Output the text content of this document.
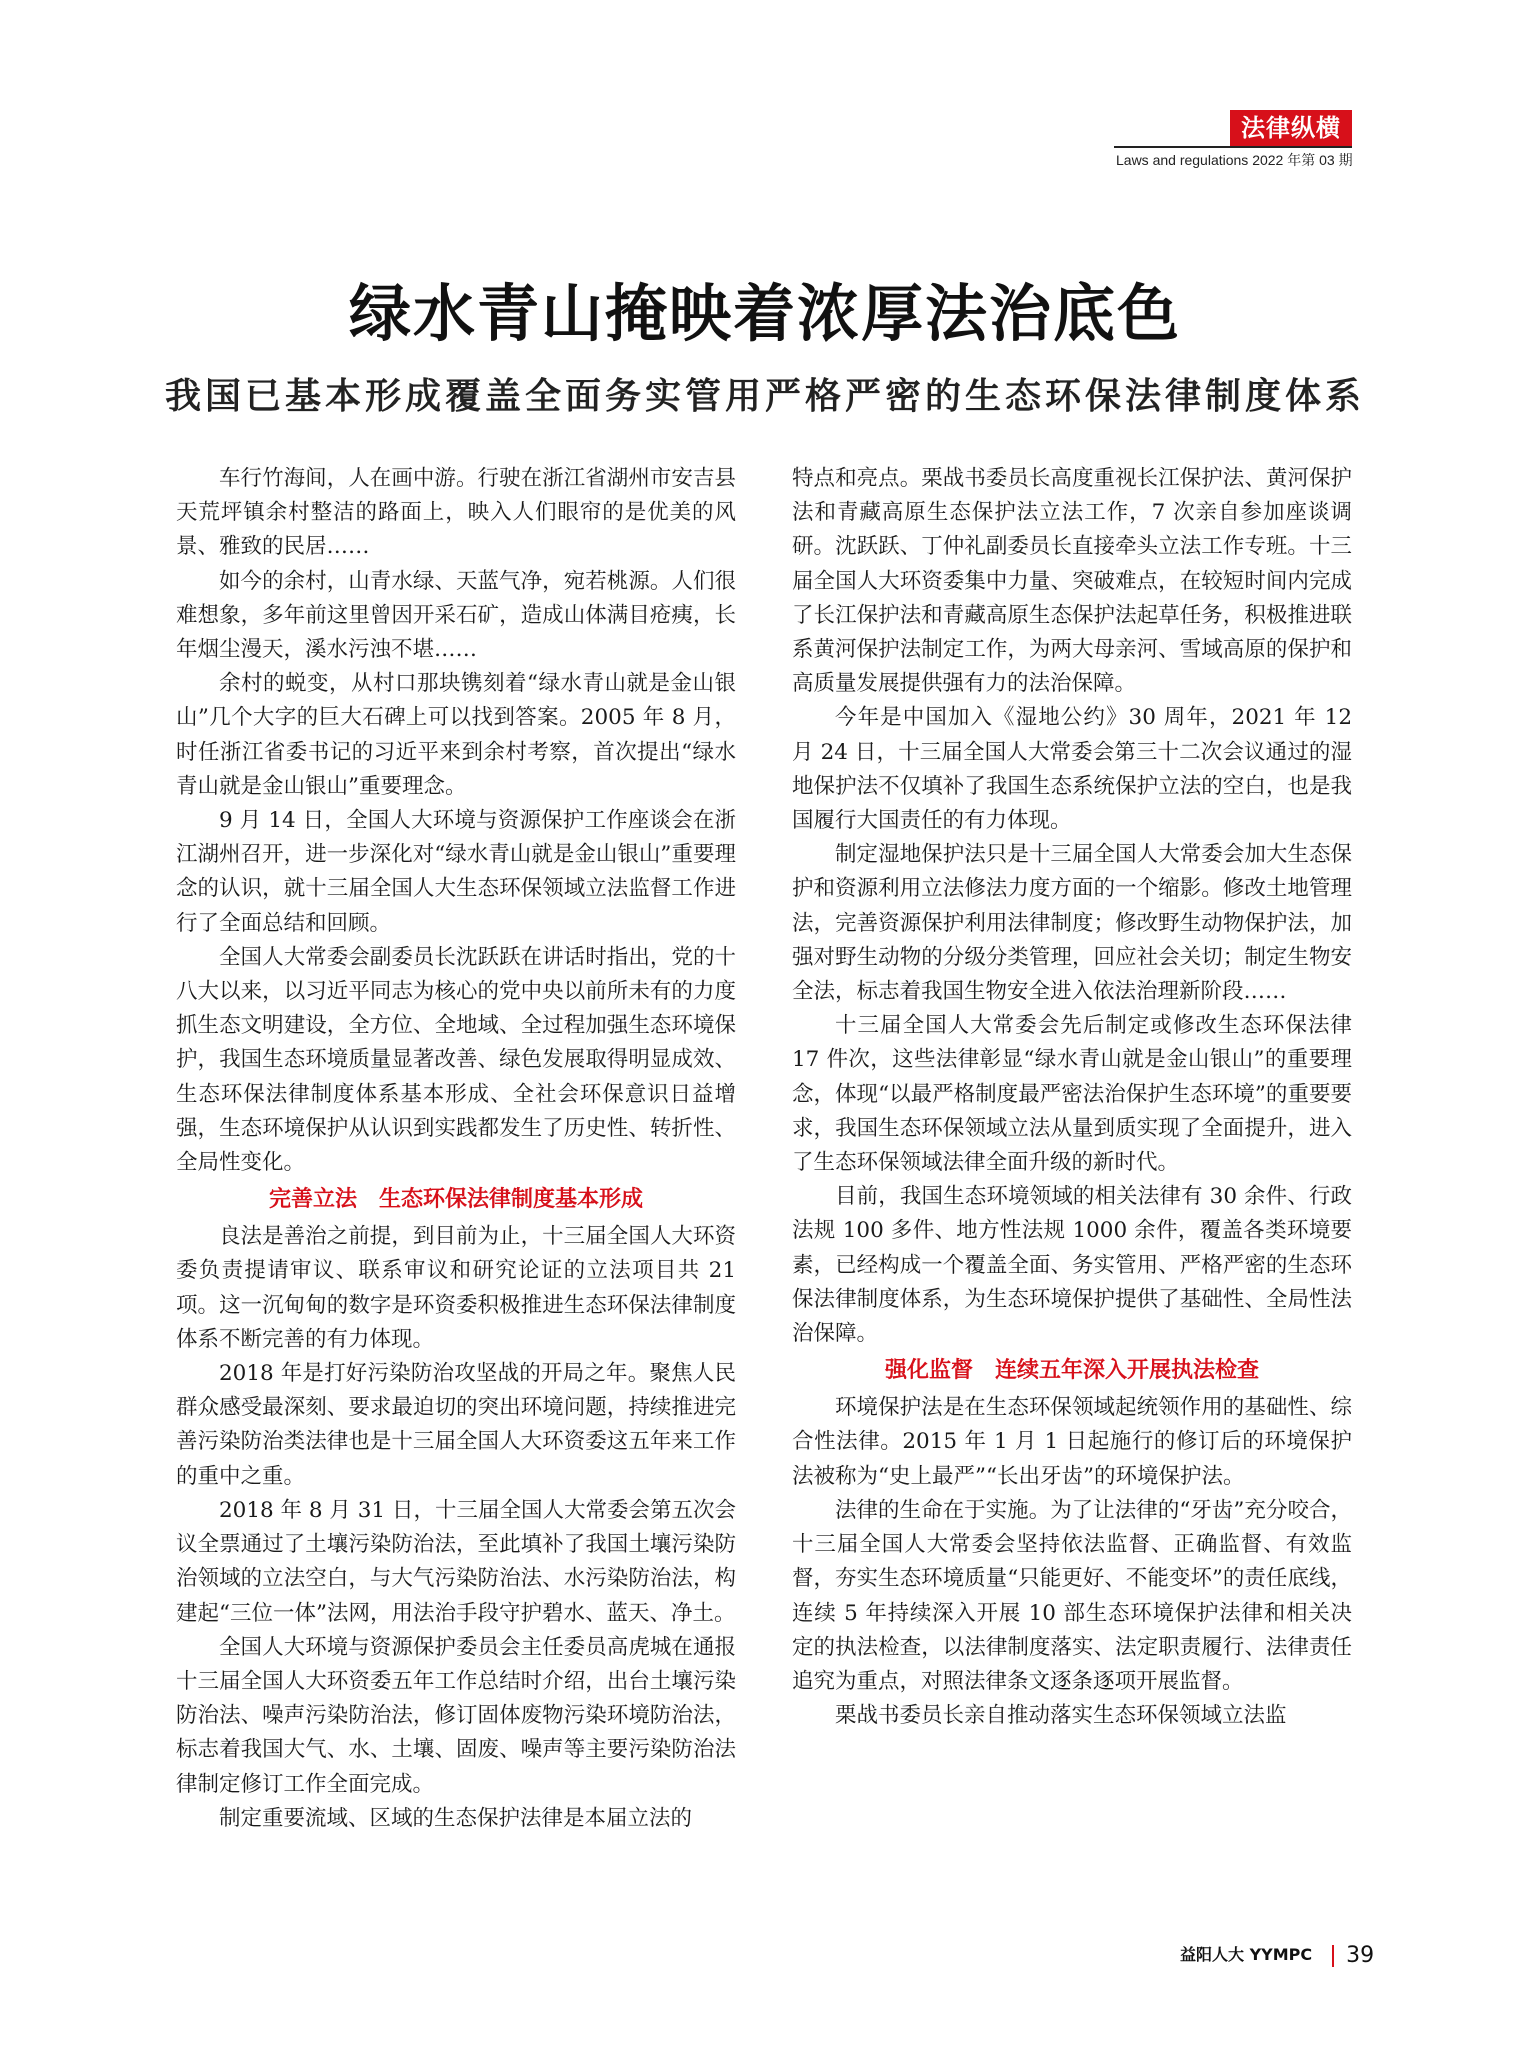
法律纵横
Laws and regulations 2022 年第 03 期
绿水青山掩映着浓厚法治底色
我国已基本形成覆盖全面务实管用严格严密的生态环保法律制度体系

车行竹海间，人在画中游。行驶在浙江省湖州市安吉县天荒坪镇余村整洁的路面上，映入人们眼帘的是优美的风景、雅致的民居……

如今的余村，山青水绿、天蓝气净，宛若桃源。人们很难想象，多年前这里曾因开采石矿，造成山体满目疮痍，长年烟尘漫天，溪水污浊不堪……

余村的蜕变，从村口那块镌刻着“绿水青山就是金山银山”几个大字的巨大石碑上可以找到答案。2005 年 8 月，时任浙江省委书记的习近平来到余村考察，首次提出“绿水青山就是金山银山”重要理念。

9 月 14 日，全国人大环境与资源保护工作座谈会在浙江湖州召开，进一步深化对“绿水青山就是金山银山”重要理念的认识，就十三届全国人大生态环保领域立法监督工作进行了全面总结和回顾。

全国人大常委会副委员长沈跃跃在讲话时指出，党的十八大以来，以习近平同志为核心的党中央以前所未有的力度抓生态文明建设，全方位、全地域、全过程加强生态环境保护，我国生态环境质量显著改善、绿色发展取得明显成效、生态环保法律制度体系基本形成、全社会环保意识日益增强，生态环境保护从认识到实践都发生了历史性、转折性、全局性变化。

完善立法 生态环保法律制度基本形成

良法是善治之前提，到目前为止，十三届全国人大环资委负责提请审议、联系审议和研究论证的立法项目共 21 项。这一沉甸甸的数字是环资委积极推进生态环保法律制度体系不断完善的有力体现。

2018 年是打好污染防治攻坚战的开局之年。聚焦人民群众感受最深刻、要求最迫切的突出环境问题，持续推进完善污染防治类法律也是十三届全国人大环资委这五年来工作的重中之重。

2018 年 8 月 31 日，十三届全国人大常委会第五次会议全票通过了土壤污染防治法，至此填补了我国土壤污染防治领域的立法空白，与大气污染防治法、水污染防治法，构建起“三位一体”法网，用法治手段守护碧水、蓝天、净土。

全国人大环境与资源保护委员会主任委员高虎城在通报十三届全国人大环资委五年工作总结时介绍，出台土壤污染防治法、噪声污染防治法，修订固体废物污染环境防治法，标志着我国大气、水、土壤、固废、噪声等主要污染防治法律制定修订工作全面完成。

制定重要流域、区域的生态保护法律是本届立法的

特点和亮点。栗战书委员长高度重视长江保护法、黄河保护法和青藏高原生态保护法立法工作，7 次亲自参加座谈调研。沈跃跃、丁仲礼副委员长直接牵头立法工作专班。十三届全国人大环资委集中力量、突破难点，在较短时间内完成了长江保护法和青藏高原生态保护法起草任务，积极推进联系黄河保护法制定工作，为两大母亲河、雪域高原的保护和高质量发展提供强有力的法治保障。

今年是中国加入《湿地公约》30 周年，2021 年 12 月 24 日，十三届全国人大常委会第三十二次会议通过的湿地保护法不仅填补了我国生态系统保护立法的空白，也是我国履行大国责任的有力体现。

制定湿地保护法只是十三届全国人大常委会加大生态保护和资源利用立法修法力度方面的一个缩影。修改土地管理法，完善资源保护利用法律制度；修改野生动物保护法，加强对野生动物的分级分类管理，回应社会关切；制定生物安全法，标志着我国生物安全进入依法治理新阶段……

十三届全国人大常委会先后制定或修改生态环保法律 17 件次，这些法律彰显“绿水青山就是金山银山”的重要理念，体现“以最严格制度最严密法治保护生态环境”的重要要求，我国生态环保领域立法从量到质实现了全面提升，进入了生态环保领域法律全面升级的新时代。

目前，我国生态环境领域的相关法律有 30 余件、行政法规 100 多件、地方性法规 1000 余件，覆盖各类环境要素，已经构成一个覆盖全面、务实管用、严格严密的生态环保法律制度体系，为生态环境保护提供了基础性、全局性法治保障。

强化监督 连续五年深入开展执法检查

环境保护法是在生态环保领域起统领作用的基础性、综合性法律。2015 年 1 月 1 日起施行的修订后的环境保护法被称为“史上最严”“长出牙齿”的环境保护法。

法律的生命在于实施。为了让法律的“牙齿”充分咬合，十三届全国人大常委会坚持依法监督、正确监督、有效监督，夯实生态环境质量“只能更好、不能变坏”的责任底线，连续 5 年持续深入开展 10 部生态环境保护法律和相关决定的执法检查，以法律制度落实、法定职责履行、法律责任追究为重点，对照法律条文逐条逐项开展监督。

栗战书委员长亲自推动落实生态环保领域立法监

益阳人大 YYMPC 39
